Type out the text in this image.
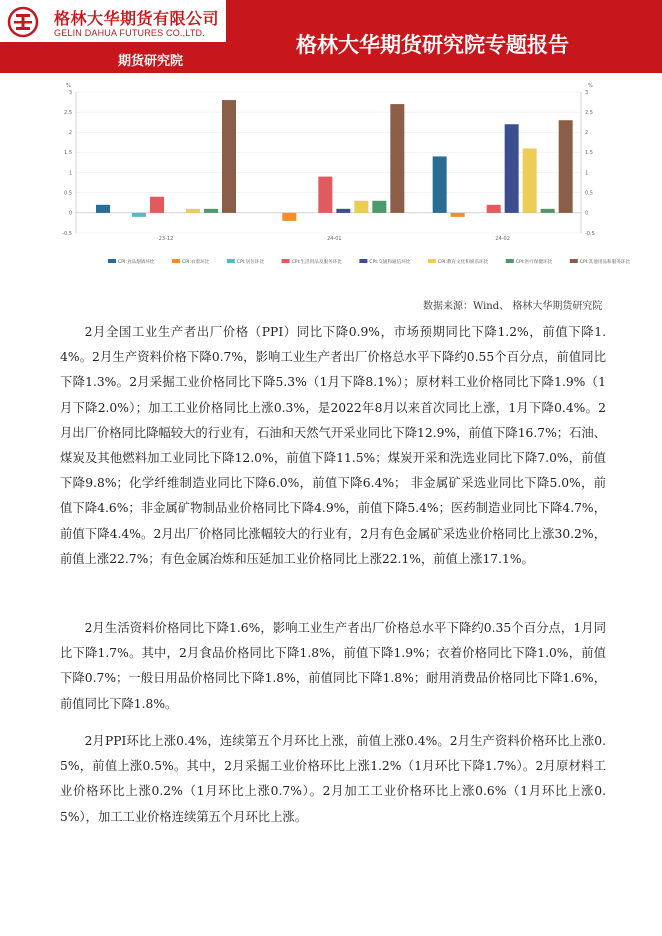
格林大华期货有限公司
GELIN DAHUA FUTURES CO.,LTD.
期货研究院
格林大华期货研究院专题报告
%	%
-0.5	-0.5
0	0
0.5	0.5
1	1
1.5	1.5
2	2
2.5	2.5
3	3
23-12	24-01	24-02
CPI:食品烟酒环比	CPI:衣着环比	CPI:居住环比	CPI:生活用品及服务环比	CPI:交通和通信环比	CPI:教育文化和娱乐环比	CPI:医疗保健环比	CPI:其他用品和服务环比
数据来源：Wind、 格林大华期货研究院

2月全国工业生产者出厂价格（PPI）同比下降0.9%，市场预期同比下降1.2%，前值下降1.4%。2月生产资料价格下降0.7%，影响工业生产者出厂价格总水平下降约0.55个百分点，前值同比下降1.3%。2月采掘工业价格同比下降5.3%（1月下降8.1%）；原材料工业价格同比下降1.9%（1月下降2.0%）；加工工业价格同比上涨0.3%，是2022年8月以来首次同比上涨，1月下降0.4%。2月出厂价格同比降幅较大的行业有，石油和天然气开采业同比下降12.9%，前值下降16.7%；石油、煤炭及其他燃料加工业同比下降12.0%，前值下降11.5%；煤炭开采和洗选业同比下降7.0%，前值下降9.8%；化学纤维制造业同比下降6.0%，前值下降6.4%； 非金属矿采选业同比下降5.0%，前值下降4.6%；非金属矿物制品业价格同比下降4.9%，前值下降5.4%；医药制造业同比下降4.7%，前值下降4.4%。2月出厂价格同比涨幅较大的行业有，2月有色金属矿采选业价格同比上涨30.2%，前值上涨22.7%；有色金属冶炼和压延加工业价格同比上涨22.1%，前值上涨17.1%。

2月生活资料价格同比下降1.6%，影响工业生产者出厂价格总水平下降约0.35个百分点，1月同比下降1.7%。其中，2月食品价格同比下降1.8%，前值下降1.9%；衣着价格同比下降1.0%，前值下降0.7%；一般日用品价格同比下降1.8%，前值同比下降1.8%；耐用消费品价格同比下降1.6%，前值同比下降1.8%。

2月PPI环比上涨0.4%，连续第五个月环比上涨，前值上涨0.4%。2月生产资料价格环比上涨0.5%，前值上涨0.5%。其中，2月采掘工业价格环比上涨1.2%（1月环比下降1.7%）。2月原材料工业价格环比上涨0.2%（1月环比上涨0.7%）。2月加工工业价格环比上涨0.6%（1月环比上涨0.5%），加工工业价格连续第五个月环比上涨。
